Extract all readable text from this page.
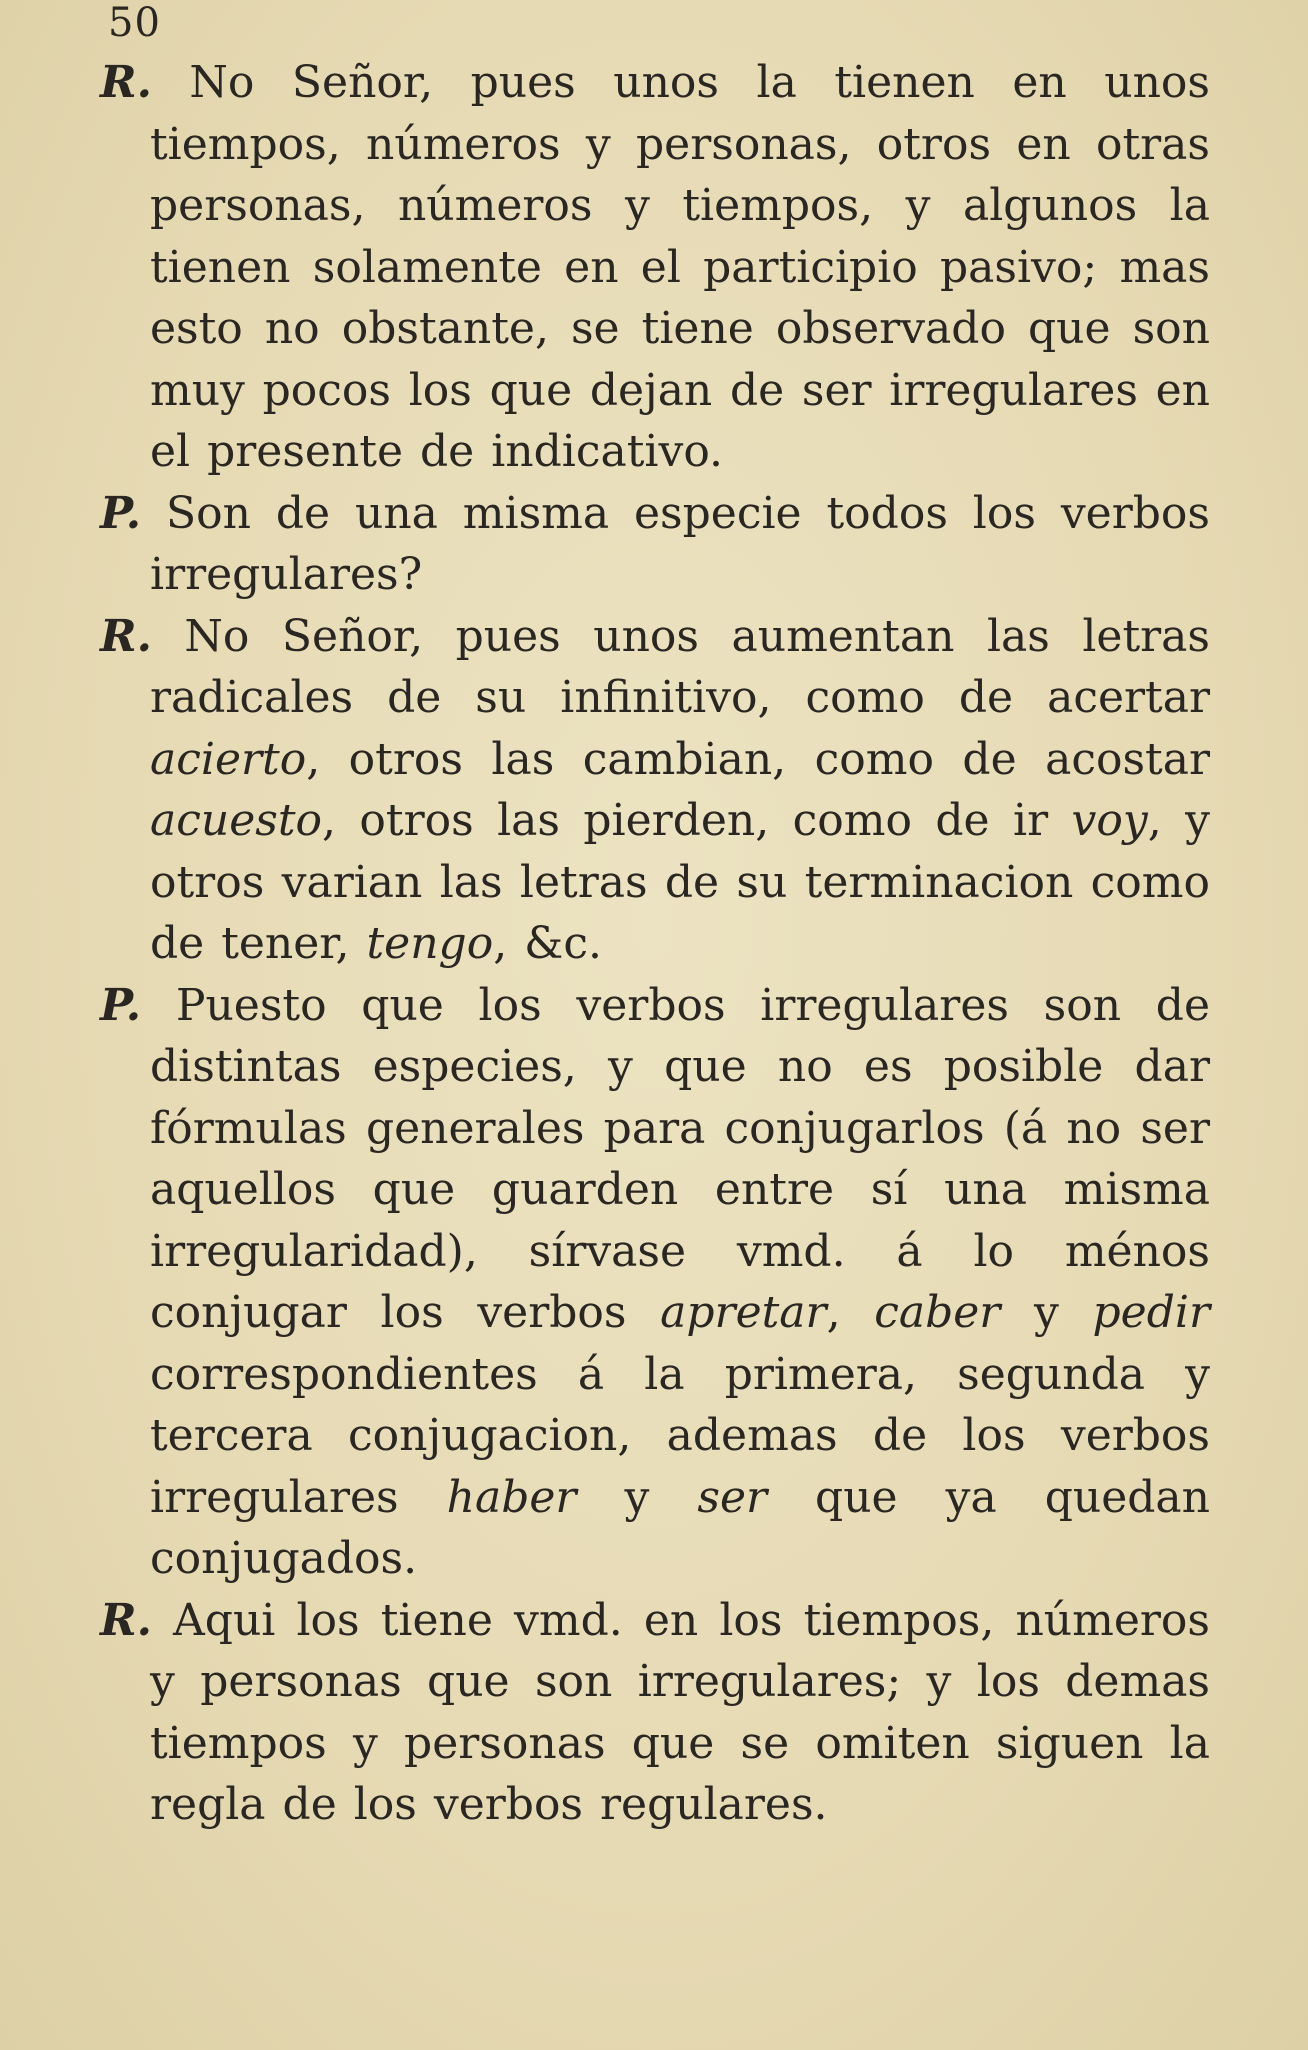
50

R. No Señor, pues unos la tienen en unos tiempos, números y personas, otros en otras personas, números y tiempos, y algunos la tienen solamente en el participio pasivo; mas esto no obstante, se tiene observado que son muy pocos los que dejan de ser irregulares en el presente de indicativo.

P. Son de una misma especie todos los verbos irregulares?

R. No Señor, pues unos aumentan las letras radicales de su infinitivo, como de acertar acierto, otros las cambian, como de acostar acuesto, otros las pierden, como de ir voy, y otros varian las letras de su terminacion como de tener, tengo, &c.

P. Puesto que los verbos irregulares son de distintas especies, y que no es posible dar fórmulas generales para conjugarlos (á no ser aquellos que guarden entre sí una misma irregularidad), sírvase vmd. á lo ménos conjugar los verbos apretar, caber y pedir correspondientes á la primera, segunda y tercera conjugacion, ademas de los verbos irregulares haber y ser que ya quedan conjugados.

R. Aqui los tiene vmd. en los tiempos, números y personas que son irregulares; y los demas tiempos y personas que se omiten siguen la regla de los verbos regulares.
